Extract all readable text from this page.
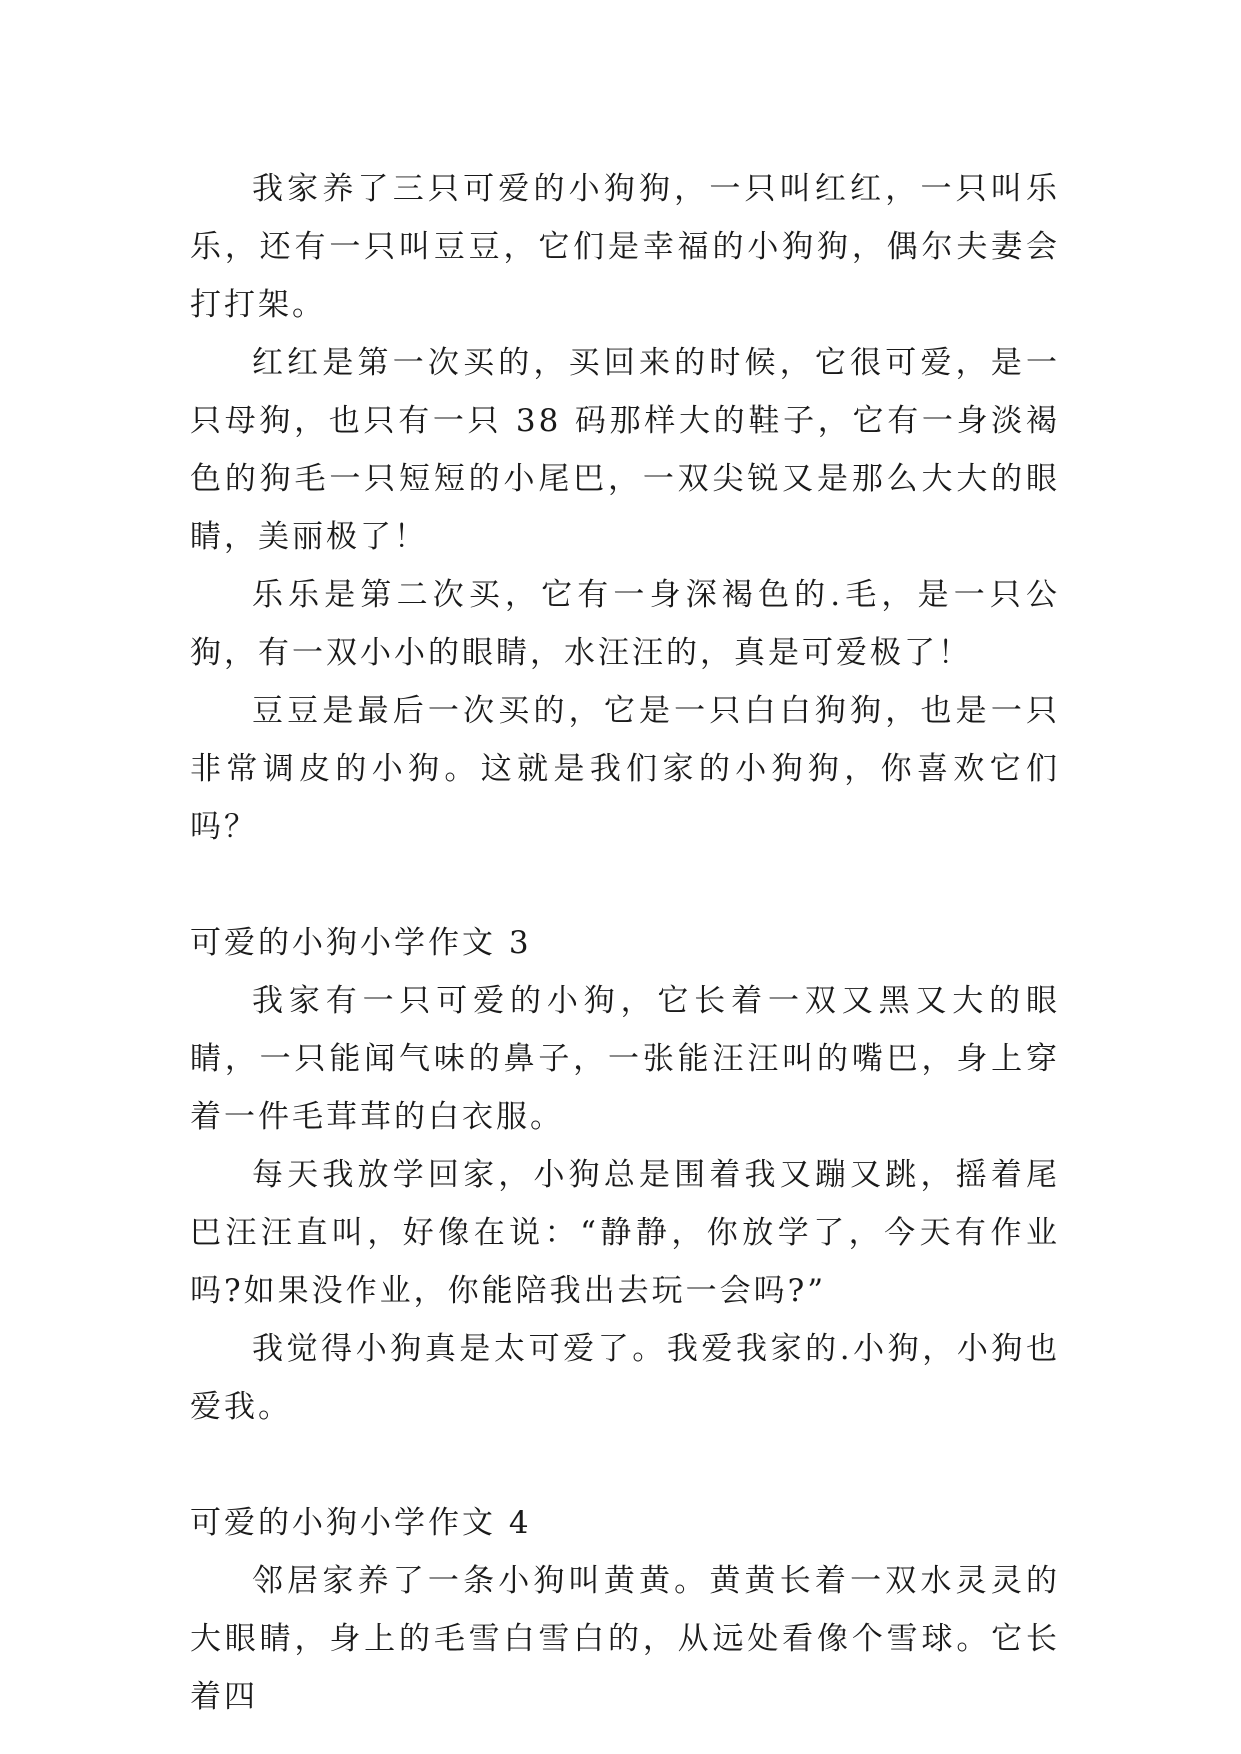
我家养了三只可爱的小狗狗，一只叫红红，一只叫乐乐，还有一只叫豆豆，它们是幸福的小狗狗，偶尔夫妻会打打架。

红红是第一次买的，买回来的时候，它很可爱，是一只母狗，也只有一只 38 码那样大的鞋子，它有一身淡褐色的狗毛一只短短的小尾巴，一双尖锐又是那么大大的眼睛，美丽极了！

乐乐是第二次买，它有一身深褐色的.毛，是一只公狗，有一双小小的眼睛，水汪汪的，真是可爱极了！

豆豆是最后一次买的，它是一只白白狗狗，也是一只非常调皮的小狗。这就是我们家的小狗狗，你喜欢它们吗？

可爱的小狗小学作文 3

我家有一只可爱的小狗，它长着一双又黑又大的眼睛，一只能闻气味的鼻子，一张能汪汪叫的嘴巴，身上穿着一件毛茸茸的白衣服。

每天我放学回家，小狗总是围着我又蹦又跳，摇着尾巴汪汪直叫，好像在说：“静静，你放学了，今天有作业吗?如果没作业，你能陪我出去玩一会吗?”

我觉得小狗真是太可爱了。我爱我家的.小狗，小狗也爱我。

可爱的小狗小学作文 4

邻居家养了一条小狗叫黄黄。黄黄长着一双水灵灵的大眼睛，身上的毛雪白雪白的，从远处看像个雪球。它长着四
